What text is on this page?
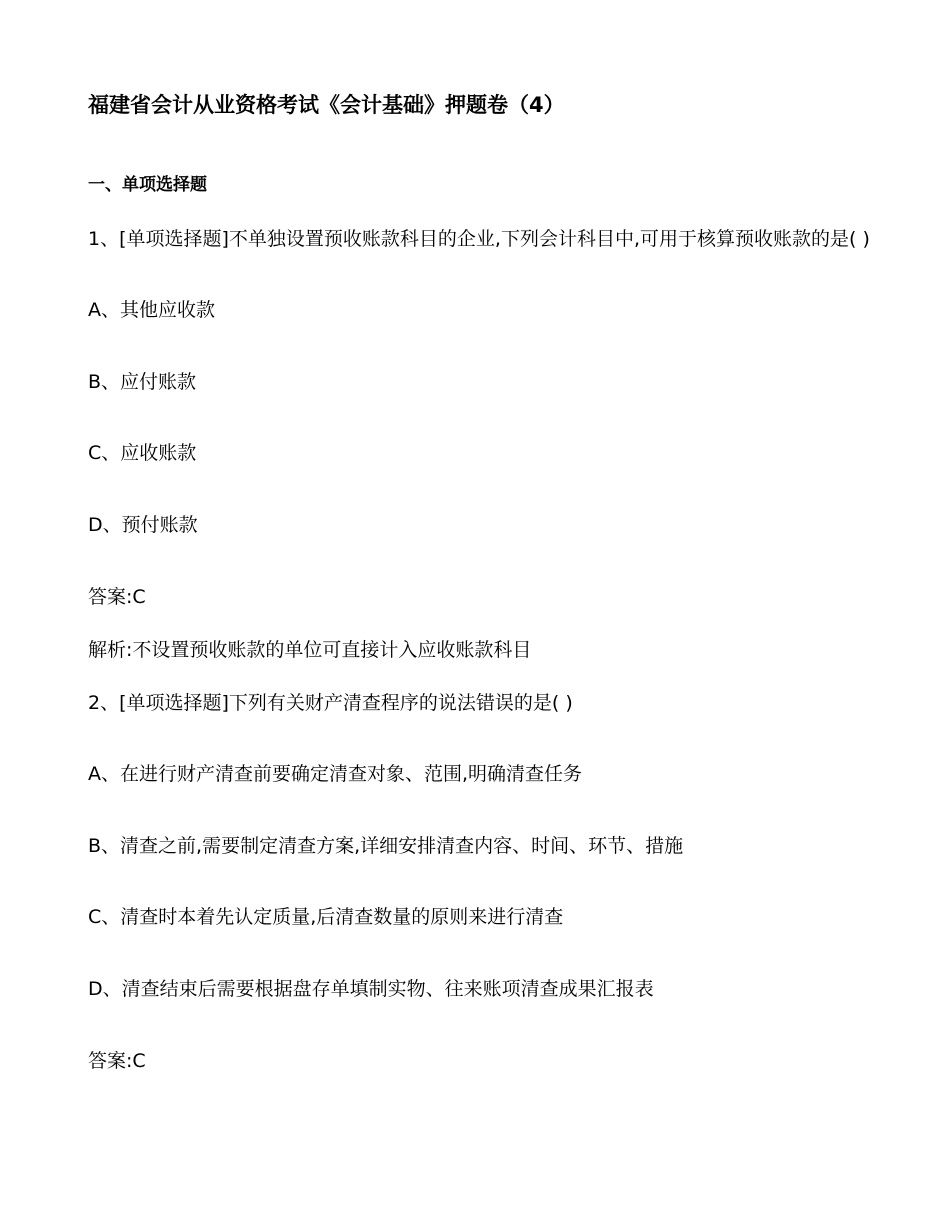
福建省会计从业资格考试《会计基础》押题卷（4）
一、单项选择题
1、[单项选择题]不单独设置预收账款科目的企业,下列会计科目中,可用于核算预收账款的是( )
A、其他应收款
B、应付账款
C、应收账款
D、预付账款
答案:C
解析:不设置预收账款的单位可直接计入应收账款科目
2、[单项选择题]下列有关财产清查程序的说法错误的是( )
A、在进行财产清查前要确定清查对象、范围,明确清查任务
B、清查之前,需要制定清查方案,详细安排清查内容、时间、环节、措施
C、清查时本着先认定质量,后清查数量的原则来进行清查
D、清查结束后需要根据盘存单填制实物、往来账项清查成果汇报表
答案:C
